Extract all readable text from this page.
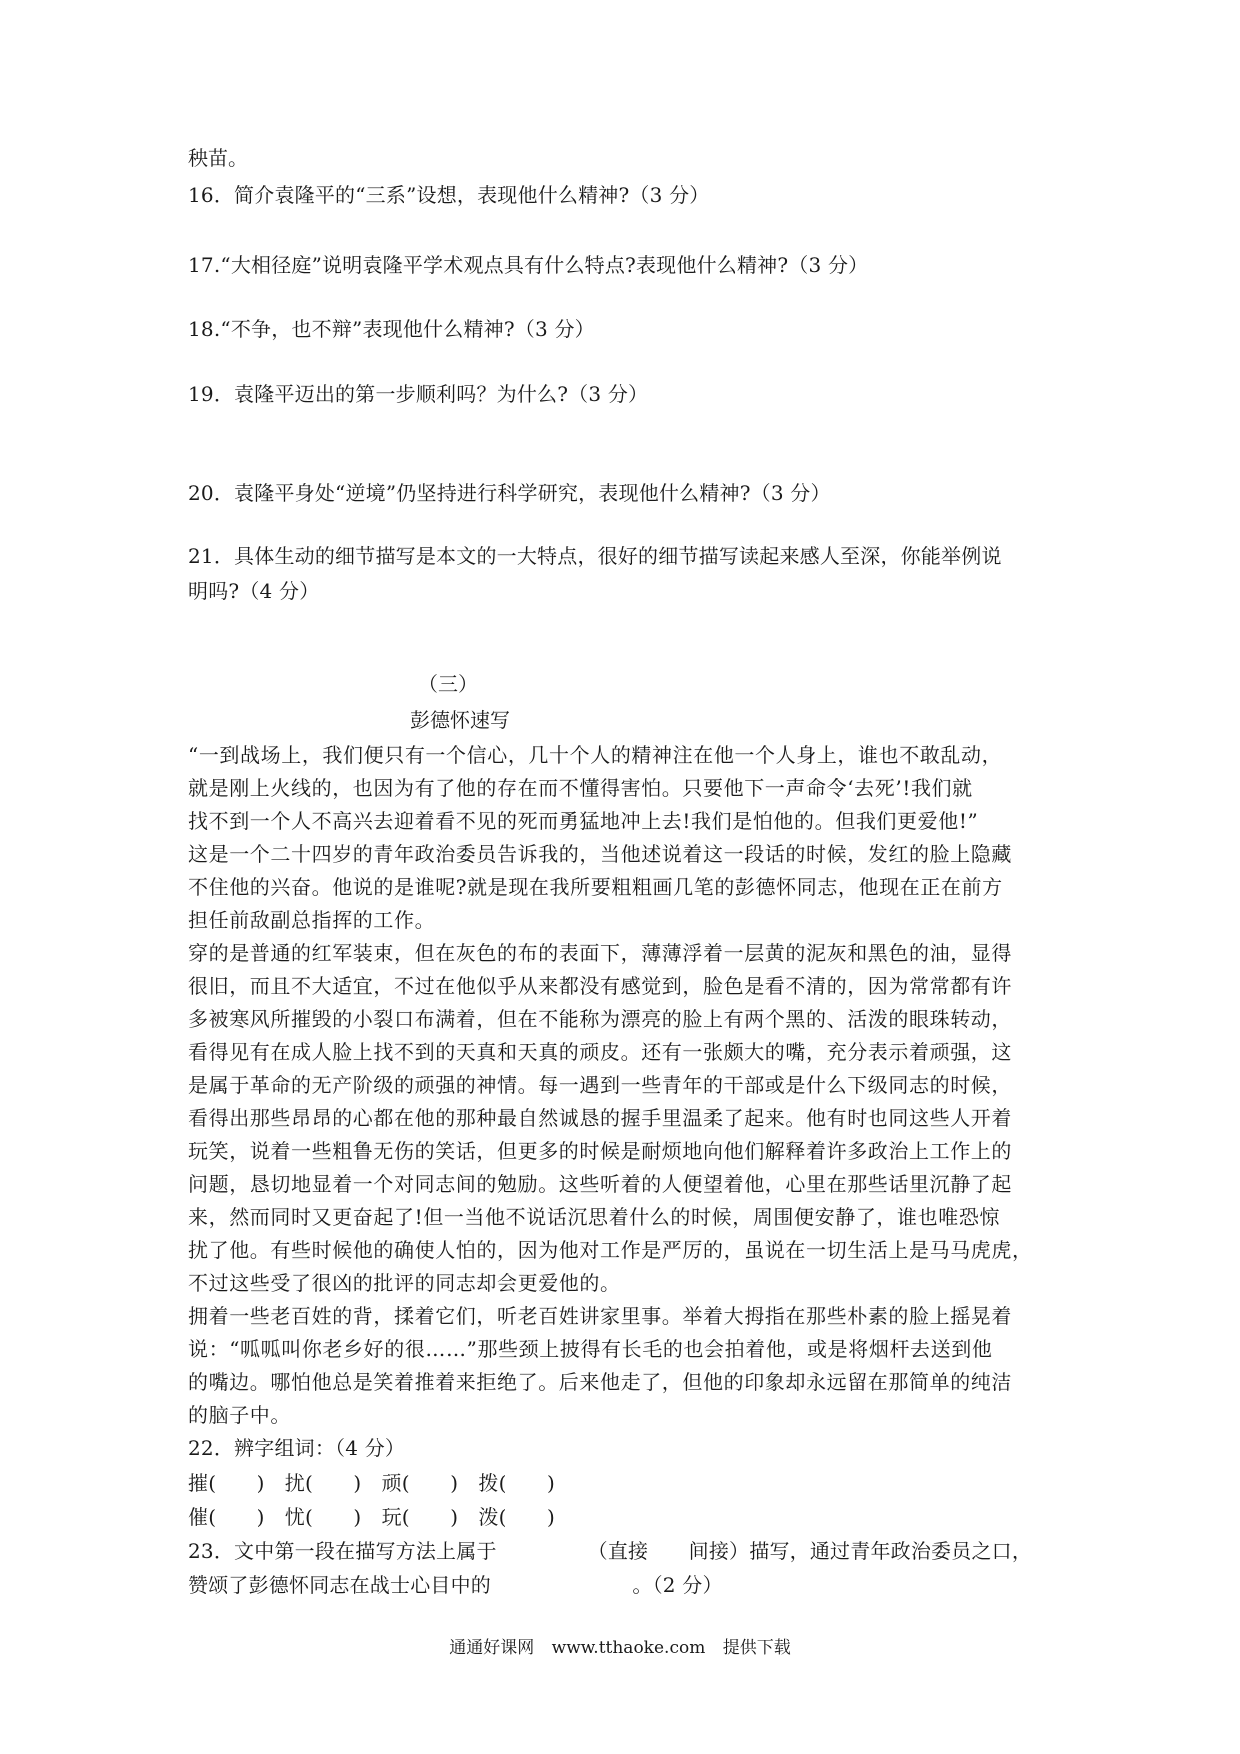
秧苗。
16．简介袁隆平的“三系”设想，表现他什么精神?（3 分）
17.“大相径庭”说明袁隆平学术观点具有什么特点?表现他什么精神?（3 分）
18.“不争，也不辩”表现他什么精神?（3 分）
19．袁隆平迈出的第一步顺利吗？为什么?（3 分）
20．袁隆平身处“逆境”仍坚持进行科学研究，表现他什么精神?（3 分）
21．具体生动的细节描写是本文的一大特点，很好的细节描写读起来感人至深，你能举例说
明吗?（4 分）
（三）
彭德怀速写
“一到战场上，我们便只有一个信心，几十个人的精神注在他一个人身上，谁也不敢乱动，
就是刚上火线的，也因为有了他的存在而不懂得害怕。只要他下一声命令‘去死’!我们就
找不到一个人不高兴去迎着看不见的死而勇猛地冲上去!我们是怕他的。但我们更爱他!”
这是一个二十四岁的青年政治委员告诉我的，当他述说着这一段话的时候，发红的脸上隐藏
不住他的兴奋。他说的是谁呢?就是现在我所要粗粗画几笔的彭德怀同志，他现在正在前方
担任前敌副总指挥的工作。
穿的是普通的红军装束，但在灰色的布的表面下，薄薄浮着一层黄的泥灰和黑色的油，显得
很旧，而且不大适宜，不过在他似乎从来都没有感觉到，脸色是看不清的，因为常常都有许
多被寒风所摧毁的小裂口布满着，但在不能称为漂亮的脸上有两个黑的、活泼的眼珠转动，
看得见有在成人脸上找不到的天真和天真的顽皮。还有一张颇大的嘴，充分表示着顽强，这
是属于革命的无产阶级的顽强的神情。每一遇到一些青年的干部或是什么下级同志的时候，
看得出那些昂昂的心都在他的那种最自然诚恳的握手里温柔了起来。他有时也同这些人开着
玩笑，说着一些粗鲁无伤的笑话，但更多的时候是耐烦地向他们解释着许多政治上工作上的
问题，恳切地显着一个对同志间的勉励。这些听着的人便望着他，心里在那些话里沉静了起
来，然而同时又更奋起了!但一当他不说话沉思着什么的时候，周围便安静了，谁也唯恐惊
扰了他。有些时候他的确使人怕的，因为他对工作是严厉的，虽说在一切生活上是马马虎虎，
不过这些受了很凶的批评的同志却会更爱他的。
拥着一些老百姓的背，揉着它们，听老百姓讲家里事。举着大拇指在那些朴素的脸上摇晃着
说：“呱呱叫你老乡好的很……”那些颈上披得有长毛的也会拍着他，或是将烟杆去送到他
的嘴边。哪怕他总是笑着推着来拒绝了。后来他走了，但他的印象却永远留在那简单的纯洁
的脑子中。
22．辨字组词：（4 分）
摧(　　)　扰(　　)　顽(　　)　拨(　　)
催(　　)　忧(　　)　玩(　　)　泼(　　)
23．文中第一段在描写方法上属于　　　　　（直接　　间接）描写，通过青年政治委员之口，
赞颂了彭德怀同志在战士心目中的　　　　　　　。（2 分）
通通好课网 www.tthaoke.com 提供下载
